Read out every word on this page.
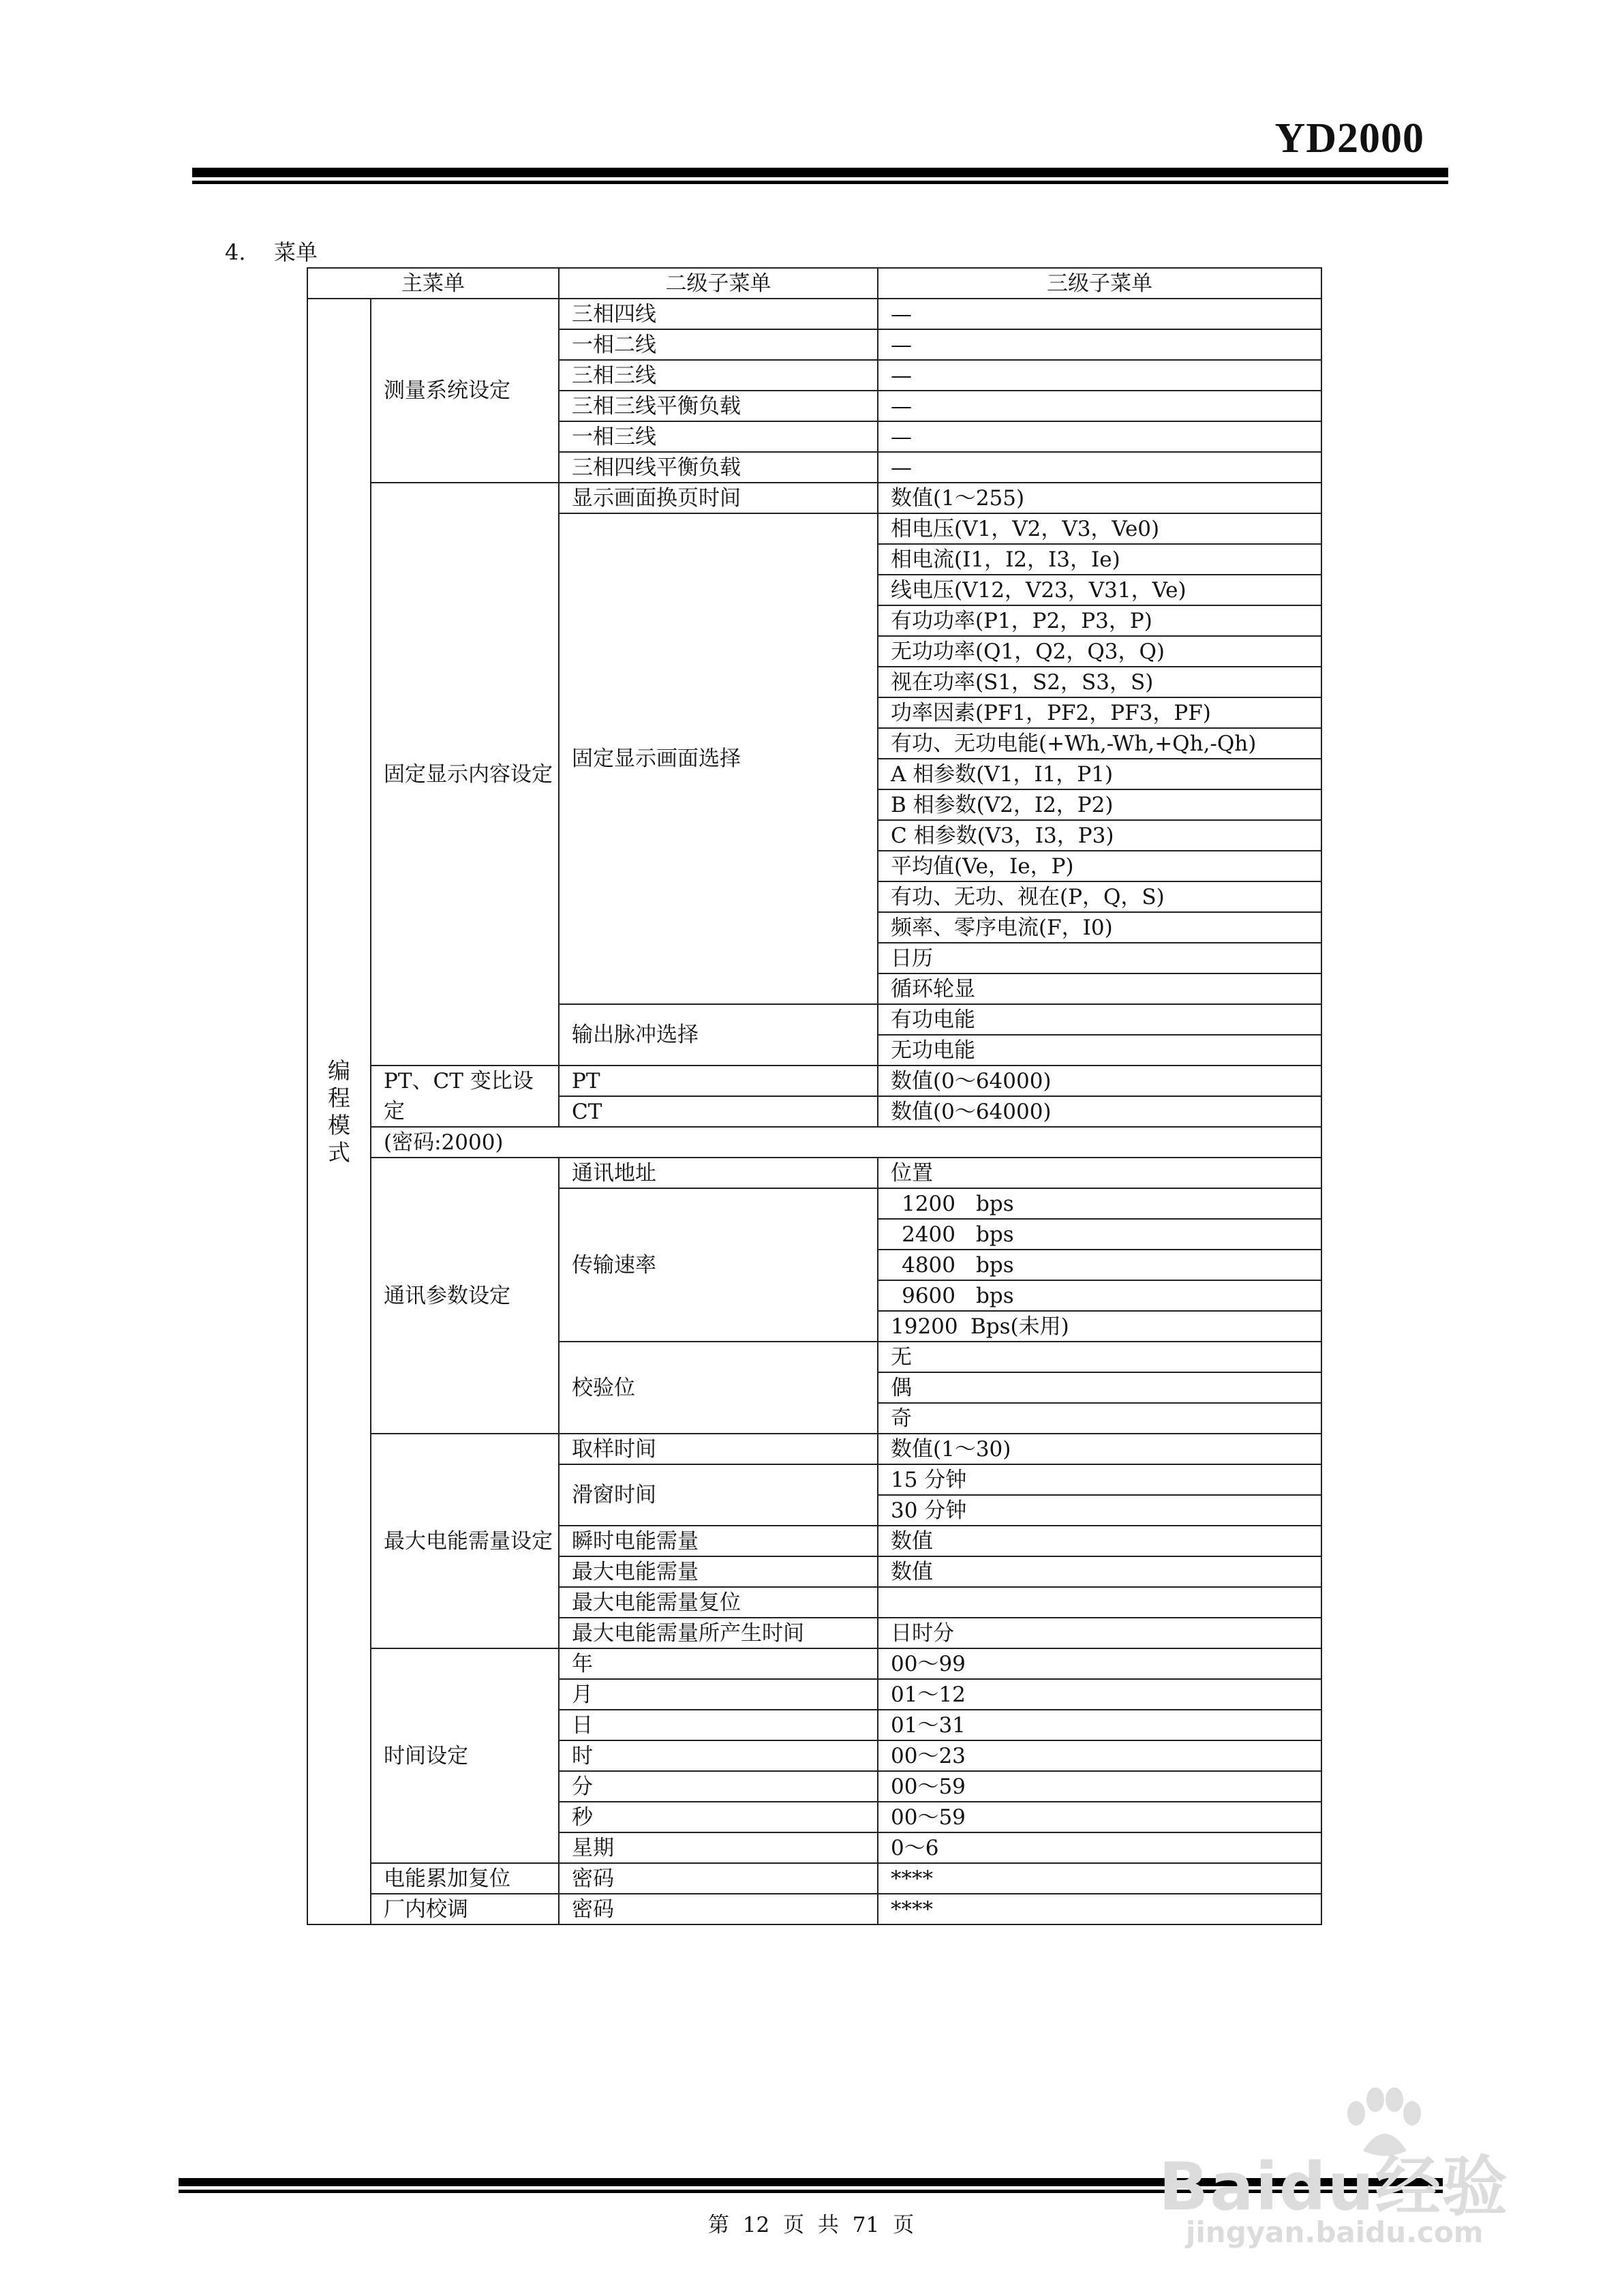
YD2000
4. 菜单
主菜单		二级子菜单	三级子菜单
编程模式	测量系统设定	三相四线	—
		一相二线	—
		三相三线	—
		三相三线平衡负载	—
		一相三线	—
		三相四线平衡负载	—
	固定显示内容设定	显示画面换页时间	数值(1～255)
		固定显示画面选择	相电压(V1，V2，V3，Ve0)
			相电流(I1，I2，I3，Ie)
			线电压(V12，V23，V31，Ve)
			有功功率(P1，P2，P3，P)
			无功功率(Q1，Q2，Q3，Q)
			视在功率(S1，S2，S3，S)
			功率因素(PF1，PF2，PF3，PF)
			有功、无功电能(+Wh,-Wh,+Qh,-Qh)
			A 相参数(V1，I1，P1)
			B 相参数(V2，I2，P2)
			C 相参数(V3，I3，P3)
			平均值(Ve，Ie，P)
			有功、无功、视在(P，Q，S)
			频率、零序电流(F，I0)
			日历
			循环轮显
		输出脉冲选择	有功电能
			无功电能
	PT、CT 变比设定	PT	数值(0～64000)
		CT	数值(0～64000)
	(密码:2000)		
	通讯参数设定	通讯地址	位置
		传输速率	1200 bps
			2400 bps
			4800 bps
			9600 bps
			19200 Bps(未用)
		校验位	无
			偶
			奇
	最大电能需量设定	取样时间	数值(1～30)
		滑窗时间	15 分钟
			30 分钟
		瞬时电能需量	数值
		最大电能需量	数值
		最大电能需量复位	
		最大电能需量所产生时间	日时分
	时间设定	年	00～99
		月	01～12
		日	01～31
		时	00～23
		分	00～59
		秒	00～59
		星期	0～6
	电能累加复位	密码	****
	厂内校调	密码	****
第 12 页 共 71 页	Baidu经验
jingyan.baidu.com
